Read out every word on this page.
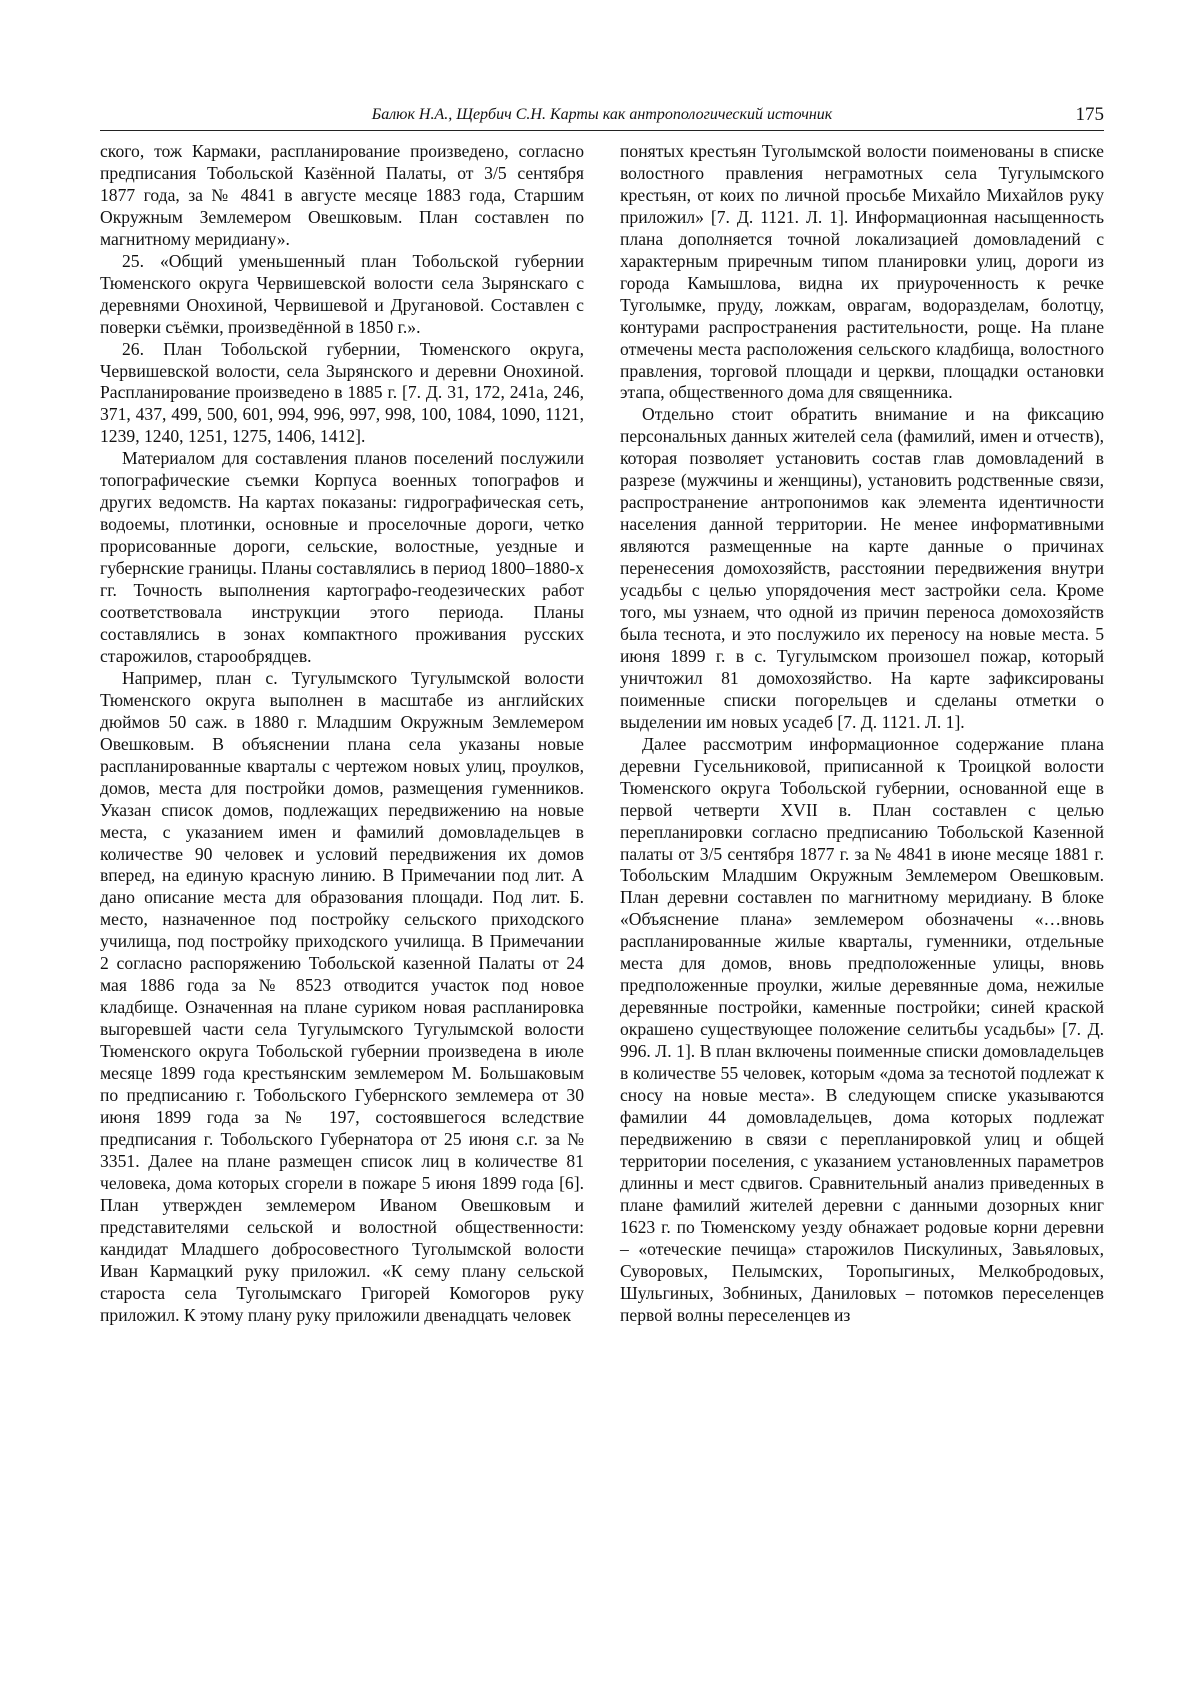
Балюк Н.А., Щербич С.Н. Карты как антропологический источник	175

ского, тож Кармаки, распланирование произведено, согласно предписания Тобольской Казённой Палаты, от 3/5 сентября 1877 года, за № 4841 в августе месяце 1883 года, Старшим Окружным Землемером Овешковым. План составлен по магнитному меридиану».

25. «Общий уменьшенный план Тобольской губернии Тюменского округа Червишевской волости села Зырянскаго с деревнями Онохиной, Червишевой и Другановой. Составлен с поверки съёмки, произведённой в 1850 г.».

26. План Тобольской губернии, Тюменского округа, Червишевской волости, села Зырянского и деревни Онохиной. Распланирование произведено в 1885 г. [7. Д. 31, 172, 241а, 246, 371, 437, 499, 500, 601, 994, 996, 997, 998, 100, 1084, 1090, 1121, 1239, 1240, 1251, 1275, 1406, 1412].

Материалом для составления планов поселений послужили топографические съемки Корпуса военных топографов и других ведомств. На картах показаны: гидрографическая сеть, водоемы, плотинки, основные и проселочные дороги, четко прорисованные дороги, сельские, волостные, уездные и губернские границы. Планы составлялись в период 1800–1880-х гг. Точность выполнения картографо-геодезических работ соответствовала инструкции этого периода. Планы составлялись в зонах компактного проживания русских старожилов, старообрядцев.

Например, план с. Тугулымского Тугулымской волости Тюменского округа выполнен в масштабе из английских дюймов 50 саж. в 1880 г. Младшим Окружным Землемером Овешковым. В объяснении плана села указаны новые распланированные кварталы с чертежом новых улиц, проулков, домов, места для постройки домов, размещения гуменников. Указан список домов, подлежащих передвижению на новые места, с указанием имен и фамилий домовладельцев в количестве 90 человек и условий передвижения их домов вперед, на единую красную линию. В Примечании под лит. А дано описание места для образования площади. Под лит. Б. место, назначенное под постройку сельского приходского училища, под постройку приходского училища. В Примечании 2 согласно распоряжению Тобольской казенной Палаты от 24 мая 1886 года за № 8523 отводится участок под новое кладбище. Означенная на плане суриком новая распланировка выгоревшей части села Тугулымского Тугулымской волости Тюменского округа Тобольской губернии произведена в июле месяце 1899 года крестьянским землемером М. Большаковым по предписанию г. Тобольского Губернского землемера от 30 июня 1899 года за № 197, состоявшегося вследствие предписания г. Тобольского Губернатора от 25 июня с.г. за № 3351. Далее на плане размещен список лиц в количестве 81 человека, дома которых сгорели в пожаре 5 июня 1899 года [6]. План утвержден землемером Иваном Овешковым и представителями сельской и волостной общественности: кандидат Младшего добросовестного Туголымской волости Иван Кармацкий руку приложил. «К сему плану сельской староста села Туголымскаго Григорей Комогоров руку приложил. К этому плану руку приложили двенадцать человек

понятых крестьян Туголымской волости поименованы в списке волостного правления неграмотных села Тугулымского крестьян, от коих по личной просьбе Михайло Михайлов руку приложил» [7. Д. 1121. Л. 1]. Информационная насыщенность плана дополняется точной локализацией домовладений с характерным приречным типом планировки улиц, дороги из города Камышлова, видна их приуроченность к речке Туголымке, пруду, ложкам, оврагам, водоразделам, болотцу, контурами распространения растительности, роще. На плане отмечены места расположения сельского кладбища, волостного правления, торговой площади и церкви, площадки остановки этапа, общественного дома для священника.

Отдельно стоит обратить внимание и на фиксацию персональных данных жителей села (фамилий, имен и отчеств), которая позволяет установить состав глав домовладений в разрезе (мужчины и женщины), установить родственные связи, распространение антропонимов как элемента идентичности населения данной территории. Не менее информативными являются размещенные на карте данные о причинах перенесения домохозяйств, расстоянии передвижения внутри усадьбы с целью упорядочения мест застройки села. Кроме того, мы узнаем, что одной из причин переноса домохозяйств была теснота, и это послужило их переносу на новые места. 5 июня 1899 г. в с. Тугулымском произошел пожар, который уничтожил 81 домохозяйство. На карте зафиксированы поименные списки погорельцев и сделаны отметки о выделении им новых усадеб [7. Д. 1121. Л. 1].

Далее рассмотрим информационное содержание плана деревни Гусельниковой, приписанной к Троицкой волости Тюменского округа Тобольской губернии, основанной еще в первой четверти XVII в. План составлен с целью перепланировки согласно предписанию Тобольской Казенной палаты от 3/5 сентября 1877 г. за № 4841 в июне месяце 1881 г. Тобольским Младшим Окружным Землемером Овешковым. План деревни составлен по магнитному меридиану. В блоке «Объяснение плана» землемером обозначены «…вновь распланированные жилые кварталы, гуменники, отдельные места для домов, вновь предположенные улицы, вновь предположенные проулки, жилые деревянные дома, нежилые деревянные постройки, каменные постройки; синей краской окрашено существующее положение селитьбы усадьбы» [7. Д. 996. Л. 1]. В план включены поименные списки домовладельцев в количестве 55 человек, которым «дома за теснотой подлежат к сносу на новые места». В следующем списке указываются фамилии 44 домовладельцев, дома которых подлежат передвижению в связи с перепланировкой улиц и общей территории поселения, с указанием установленных параметров длинны и мест сдвигов. Сравнительный анализ приведенных в плане фамилий жителей деревни с данными дозорных книг 1623 г. по Тюменскому уезду обнажает родовые корни деревни – «отеческие печища» старожилов Пискулиных, Завьяловых, Суворовых, Пелымских, Торопыгиных, Мелкобродовых, Шульгиных, Зобниных, Даниловых – потомков переселенцев первой волны переселенцев из
